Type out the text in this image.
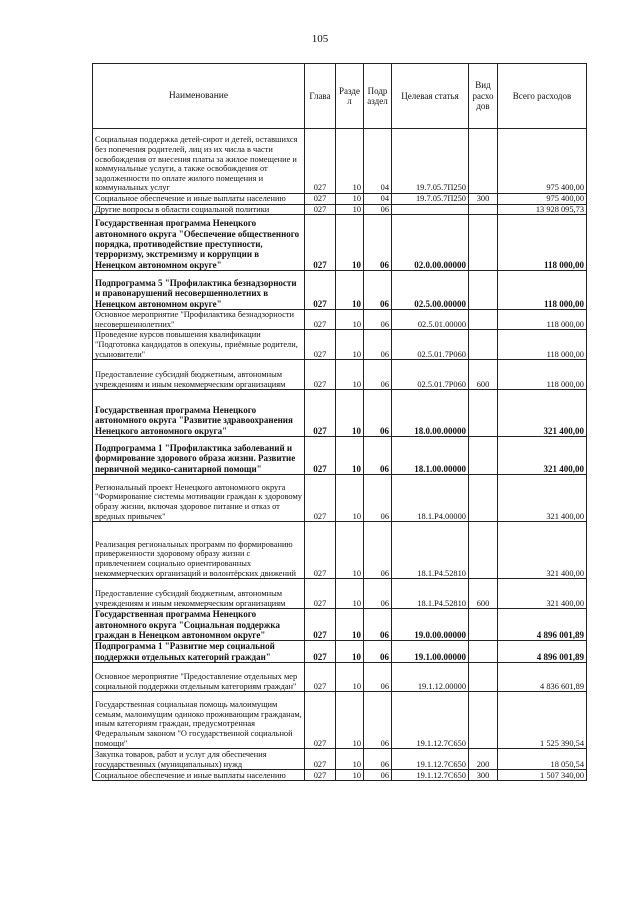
105
Наименование	Глава	Разде л	Подр аздел	Целевая статья	Вид расхо дов	Всего расходов
Социальная поддержка детей-сирот и детей, оставшихся без попечения родителей, лиц из их числа в части освобождения от внесения платы за жилое помещение и коммунальные услуги, а также освобождения от задолженности по оплате жилого помещения и коммунальных услуг	027	10	04	19.7.05.7П250		975 400,00
Социальное обеспечение и иные выплаты населению	027	10	04	19.7.05.7П250	300	975 400,00
Другие вопросы в области социальной политики	027	10	06			13 928 095,73
Государственная программа Ненецкого автономного округа "Обеспечение общественного порядка, противодействие преступности, терроризму, экстремизму и коррупции в Ненецком автономном округе"	027	10	06	02.0.00.00000		118 000,00
Подпрограмма 5 "Профилактика безнадзорности и правонарушений несовершеннолетних в Ненецком автономном округе"	027	10	06	02.5.00.00000		118 000,00
Основное мероприятие "Профилактика безнадзорности несовершеннолетних"	027	10	06	02.5.01.00000		118 000,00
Проведение курсов повышения квалификации "Подготовка кандидатов в опекуны, приёмные родители, усыновители"	027	10	06	02.5.01.7Р060		118 000,00
Предоставление субсидий бюджетным, автономным учреждениям и иным некоммерческим организациям	027	10	06	02.5.01.7Р060	600	118 000,00
Государственная программа Ненецкого автономного округа "Развитие здравоохранения Ненецкого автономного округа"	027	10	06	18.0.00.00000		321 400,00
Подпрограмма 1 "Профилактика заболеваний и формирование здорового образа жизни. Развитие первичной медико-санитарной помощи"	027	10	06	18.1.00.00000		321 400,00
Региональный проект Ненецкого автономного округа "Формирование системы мотивации граждан к здоровому образу жизни, включая здоровое питание и отказ от вредных привычек"	027	10	06	18.1.Р4.00000		321 400,00
Реализация региональных программ по формированию приверженности здоровому образу жизни с привлечением социально ориентированных некоммерческих организаций и волонтёрских движений	027	10	06	18.1.Р4.52810		321 400,00
Предоставление субсидий бюджетным, автономным учреждениям и иным некоммерческим организациям	027	10	06	18.1.Р4.52810	600	321 400,00
Государственная программа Ненецкого автономного округа "Социальная поддержка граждан в Ненецком автономном округе"	027	10	06	19.0.00.00000		4 896 001,89
Подпрограмма 1 "Развитие мер социальной поддержки отдельных категорий граждан"	027	10	06	19.1.00.00000		4 896 001,89
Основное мероприятие "Предоставление отдельных мер социальной поддержки отдельным категориям граждан"	027	10	06	19.1.12.00000		4 836 601,89
Государственная социальная помощь малоимущим семьям, малоимущим одиноко проживающим гражданам, иным категориям граждан, предусмотренная Федеральным законом "О государственной социальной помощи"	027	10	06	19.1.12.7С650		1 525 390,54
Закупка товаров, работ и услуг для обеспечения государственных (муниципальных) нужд	027	10	06	19.1.12.7С650	200	18 050,54
Социальное обеспечение и иные выплаты населению	027	10	06	19.1.12.7С650	300	1 507 340,00
